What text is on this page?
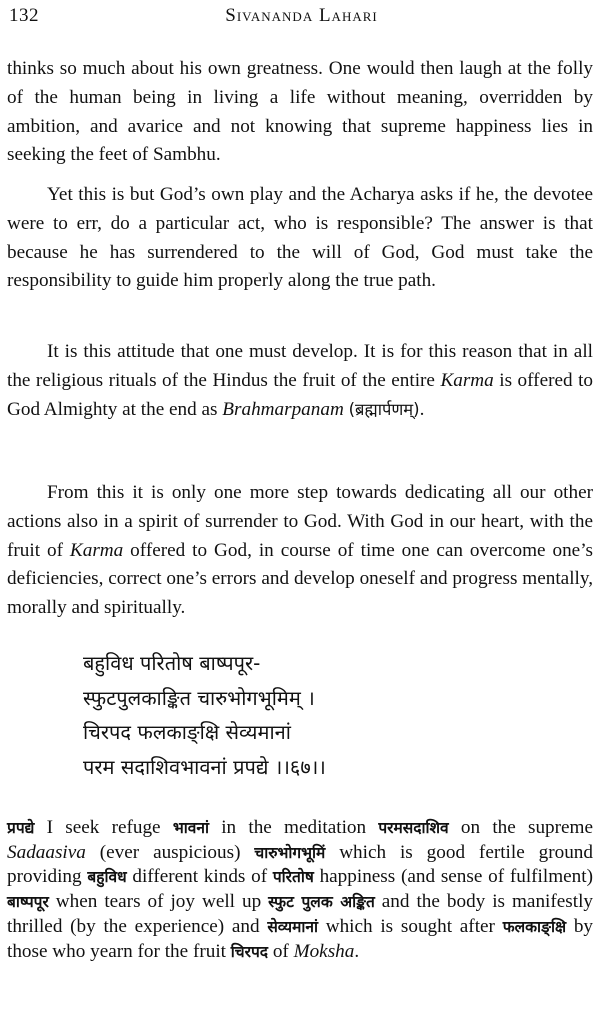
132	Sivananda Lahari

thinks so much about his own greatness. One would then laugh at the folly of the human being in living a life without meaning, overridden by ambition, and avarice and not knowing that supreme happiness lies in seeking the feet of Sambhu.

Yet this is but God’s own play and the Acharya asks if he, the devotee were to err, do a particular act, who is responsible? The answer is that because he has surrendered to the will of God, God must take the responsibility to guide him properly along the true path.

It is this attitude that one must develop. It is for this reason that in all the religious rituals of the Hindus the fruit of the entire Karma is offered to God Almighty at the end as Brahmarpanam (ब्रह्मार्पणम्).

From this it is only one more step towards dedicating all our other actions also in a spirit of surrender to God. With God in our heart, with the fruit of Karma offered to God, in course of time one can overcome one’s deficiencies, correct one’s errors and develop oneself and progress mentally, morally and spiritually.

बहुविध परितोष बाष्पपूर-
स्फुटपुलकाङ्कित चारुभोगभूमिम् ।
चिरपद फलकाङ्क्षि सेव्यमानां
परम सदाशिवभावनां प्रपद्ये ।।६७।।

प्रपद्ये I seek refuge भावनां in the meditation परमसदाशिव on the supreme Sadaasiva (ever auspicious) चारुभोगभूमिं which is good fertile ground providing बहुविध different kinds of परितोष happiness (and sense of fulfilment) बाष्पपूर when tears of joy well up स्फुट पुलक अङ्कित and the body is manifestly thrilled (by the experience) and सेव्यमानां which is sought after फलकाङ्क्षि by those who yearn for the fruit चिरपद of Moksha.
